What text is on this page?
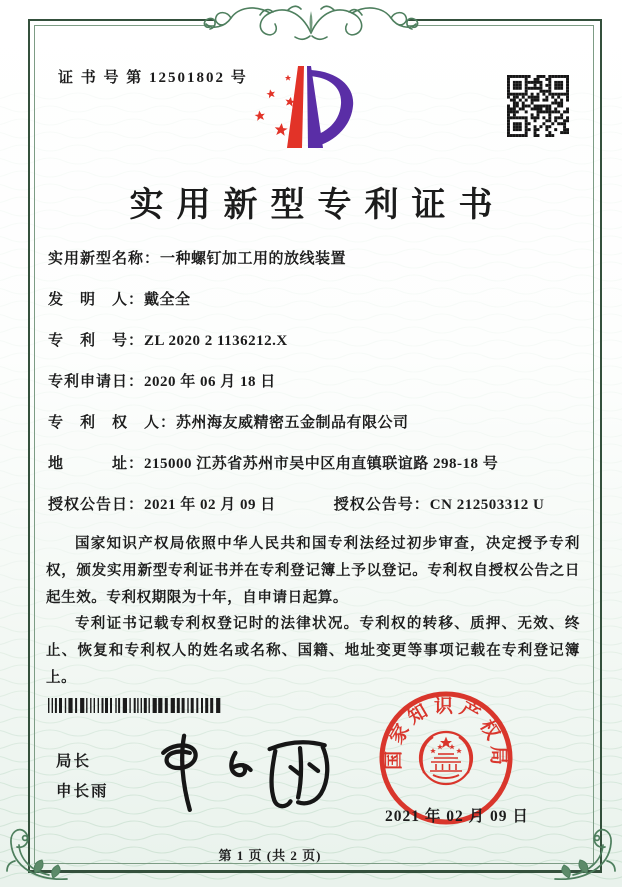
证 书 号 第 12501802 号
实用新型专利证书
实用新型名称：一种螺钉加工用的放线装置
发　明　人：戴全全
专　利　号：ZL 2020 2 1136212.X
专利申请日：2020 年 06 月 18 日
专　利　权　人：苏州海友威精密五金制品有限公司
地　　　址：215000 江苏省苏州市吴中区甪直镇联谊路 298-18 号
授权公告日：2021 年 02 月 09 日	授权公告号：CN 212503312 U

国家知识产权局依照中华人民共和国专利法经过初步审查，决定授予专利权，颁发实用新型专利证书并在专利登记簿上予以登记。专利权自授权公告之日起生效。专利权期限为十年，自申请日起算。

专利证书记载专利权登记时的法律状况。专利权的转移、质押、无效、终止、恢复和专利权人的姓名或名称、国籍、地址变更等事项记载在专利登记簿上。

局长
申长雨
国家知识产权局
2021 年 02 月 09 日
第 1 页 (共 2 页)
